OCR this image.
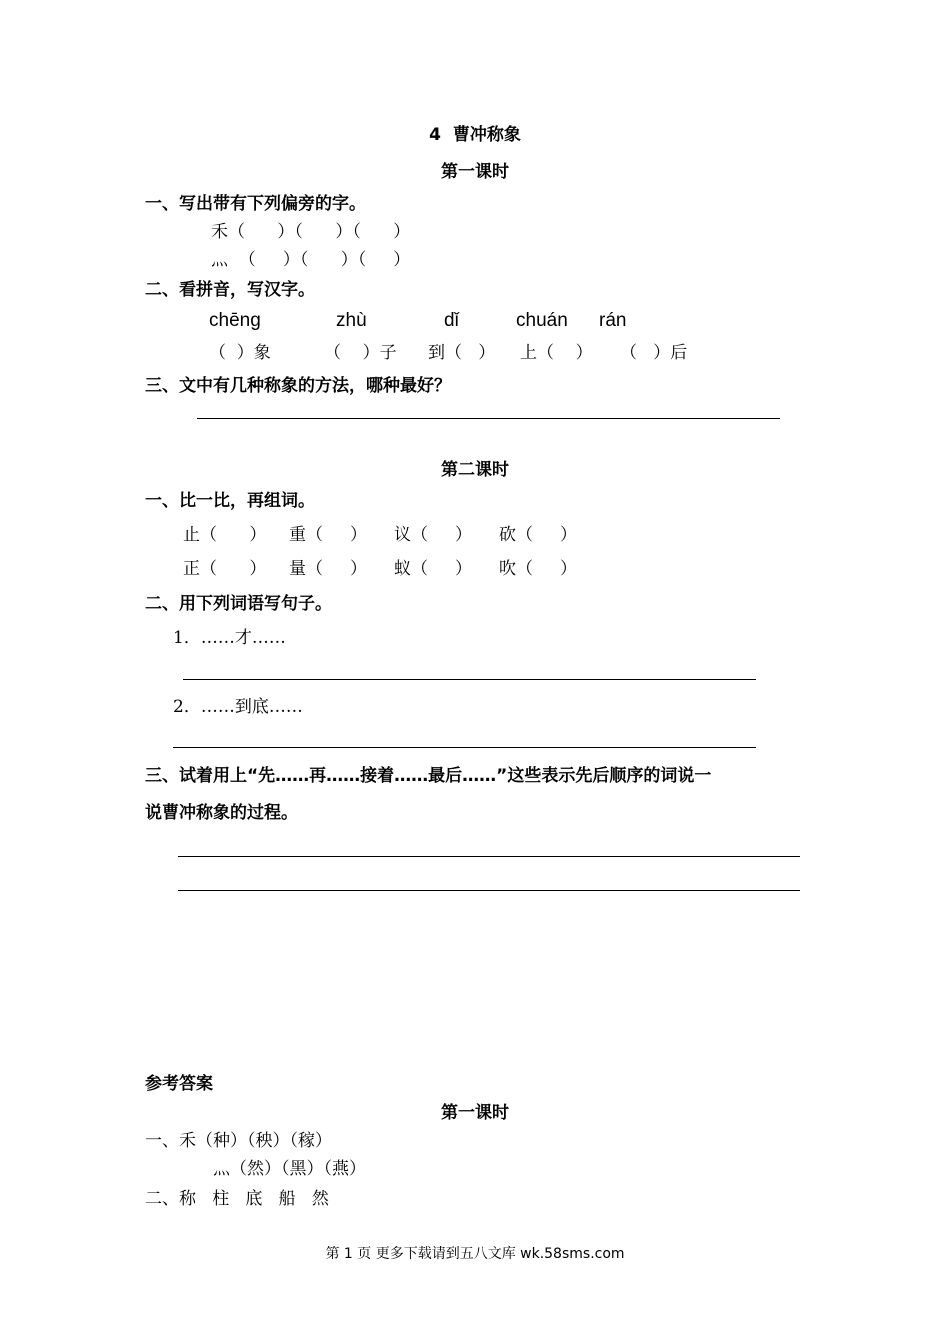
4  曹冲称象
第一课时
一、写出带有下列偏旁的字。
禾（      ）（      ）（      ）
灬  （     ）（      ）（     ）
二、看拼音，写汉字。
chēng	zhù	dǐ	chuán rán
（  ）象	（    ）子 到（   ） 上（    ） （   ）后
三、文中有几种称象的方法，哪种最好？
第二课时
一、比一比，再组词。
止（      ） 重（     ） 议（     ） 砍（     ）
正（      ） 量（     ） 蚁（     ） 吹（     ）
二、用下列词语写句子。
1．……才……
2．……到底……
三、试着用上“先……再……接着……最后……”这些表示先后顺序的词说一
说曹冲称象的过程。
参考答案
第一课时
一、禾（种）（秧）（稼）
灬（然）（黑）（燕）
二、称   柱   底   船   然
第 1 页 更多下载请到五八文库 wk.58sms.com
